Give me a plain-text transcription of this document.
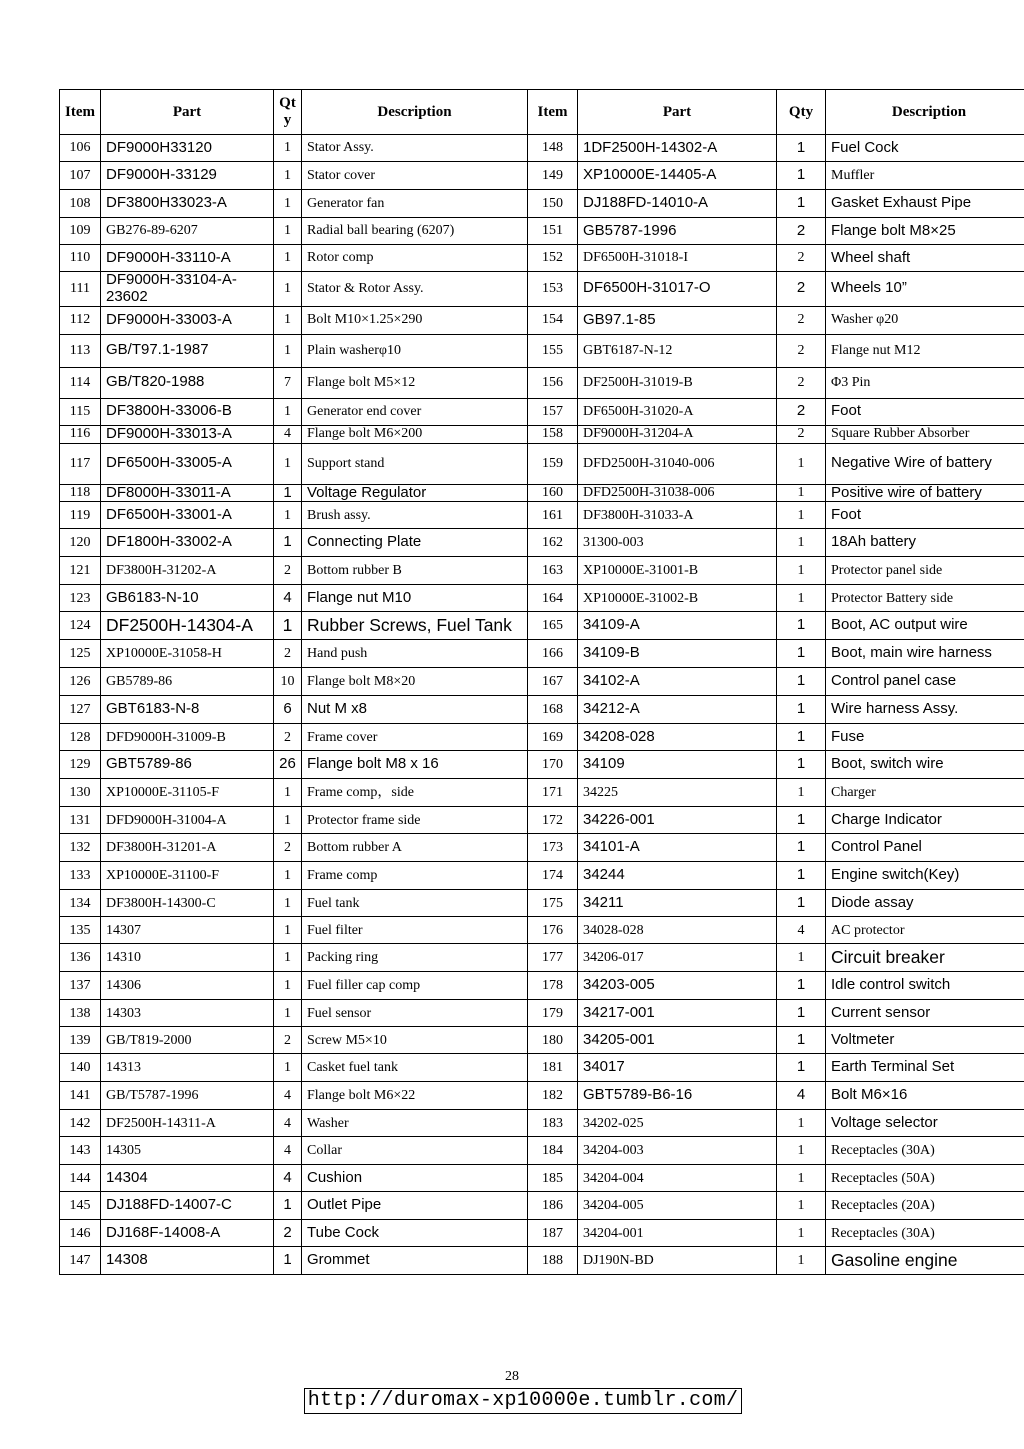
Item	Part	Qt y	Description	Item	Part	Qty	Description
106	DF9000H33120	1	Stator Assy.	148	1DF2500H-14302-A	1	Fuel Cock
107	DF9000H-33129	1	Stator cover	149	XP10000E-14405-A	1	Muffler
108	DF3800H33023-A	1	Generator fan	150	DJ188FD-14010-A	1	Gasket Exhaust Pipe
109	GB276-89-6207	1	Radial ball bearing (6207)	151	GB5787-1996	2	Flange bolt M8×25
110	DF9000H-33110-A	1	Rotor comp	152	DF6500H-31018-I	2	Wheel shaft
111	DF9000H-33104-A-23602	1	Stator & Rotor Assy.	153	DF6500H-31017-O	2	Wheels 10”
112	DF9000H-33003-A	1	Bolt M10×1.25×290	154	GB97.1-85	2	Washer φ20
113	GB/T97.1-1987	1	Plain washerφ10	155	GBT6187-N-12	2	Flange nut M12
114	GB/T820-1988	7	Flange bolt M5×12	156	DF2500H-31019-B	2	Φ3 Pin
115	DF3800H-33006-B	1	Generator end cover	157	DF6500H-31020-A	2	Foot
116	DF9000H-33013-A	4	Flange bolt M6×200	158	DF9000H-31204-A	2	Square Rubber Absorber
117	DF6500H-33005-A	1	Support stand	159	DFD2500H-31040-006	1	Negative Wire of battery
118	DF8000H-33011-A	1	Voltage Regulator	160	DFD2500H-31038-006	1	Positive wire of battery
119	DF6500H-33001-A	1	Brush assy.	161	DF3800H-31033-A	1	Foot
120	DF1800H-33002-A	1	Connecting Plate	162	31300-003	1	18Ah battery
121	DF3800H-31202-A	2	Bottom rubber B	163	XP10000E-31001-B	1	Protector panel side
123	GB6183-N-10	4	Flange nut M10	164	XP10000E-31002-B	1	Protector Battery side
124	DF2500H-14304-A	1	Rubber Screws, Fuel Tank	165	34109-A	1	Boot, AC output wire
125	XP10000E-31058-H	2	Hand push	166	34109-B	1	Boot, main wire harness
126	GB5789-86	10	Flange bolt M8×20	167	34102-A	1	Control panel case
127	GBT6183-N-8	6	Nut M x8	168	34212-A	1	Wire harness Assy.
128	DFD9000H-31009-B	2	Frame cover	169	34208-028	1	Fuse
129	GBT5789-86	26	Flange bolt M8 x 16	170	34109	1	Boot, switch wire
130	XP10000E-31105-F	1	Frame comp，side	171	34225	1	Charger
131	DFD9000H-31004-A	1	Protector frame side	172	34226-001	1	Charge Indicator
132	DF3800H-31201-A	2	Bottom rubber A	173	34101-A	1	Control Panel
133	XP10000E-31100-F	1	Frame comp	174	34244	1	Engine switch(Key)
134	DF3800H-14300-C	1	Fuel tank	175	34211	1	Diode assay
135	14307	1	Fuel filter	176	34028-028	4	AC protector
136	14310	1	Packing ring	177	34206-017	1	Circuit breaker
137	14306	1	Fuel filler cap comp	178	34203-005	1	Idle control switch
138	14303	1	Fuel sensor	179	34217-001	1	Current sensor
139	GB/T819-2000	2	Screw M5×10	180	34205-001	1	Voltmeter
140	14313	1	Casket fuel tank	181	34017	1	Earth Terminal Set
141	GB/T5787-1996	4	Flange bolt M6×22	182	GBT5789-B6-16	4	Bolt M6×16
142	DF2500H-14311-A	4	Washer	183	34202-025	1	Voltage selector
143	14305	4	Collar	184	34204-003	1	Receptacles (30A)
144	14304	4	Cushion	185	34204-004	1	Receptacles (50A)
145	DJ188FD-14007-C	1	Outlet Pipe	186	34204-005	1	Receptacles (20A)
146	DJ168F-14008-A	2	Tube Cock	187	34204-001	1	Receptacles (30A)
147	14308	1	Grommet	188	DJ190N-BD	1	Gasoline engine
28
http://duromax-xp10000e.tumblr.com/
